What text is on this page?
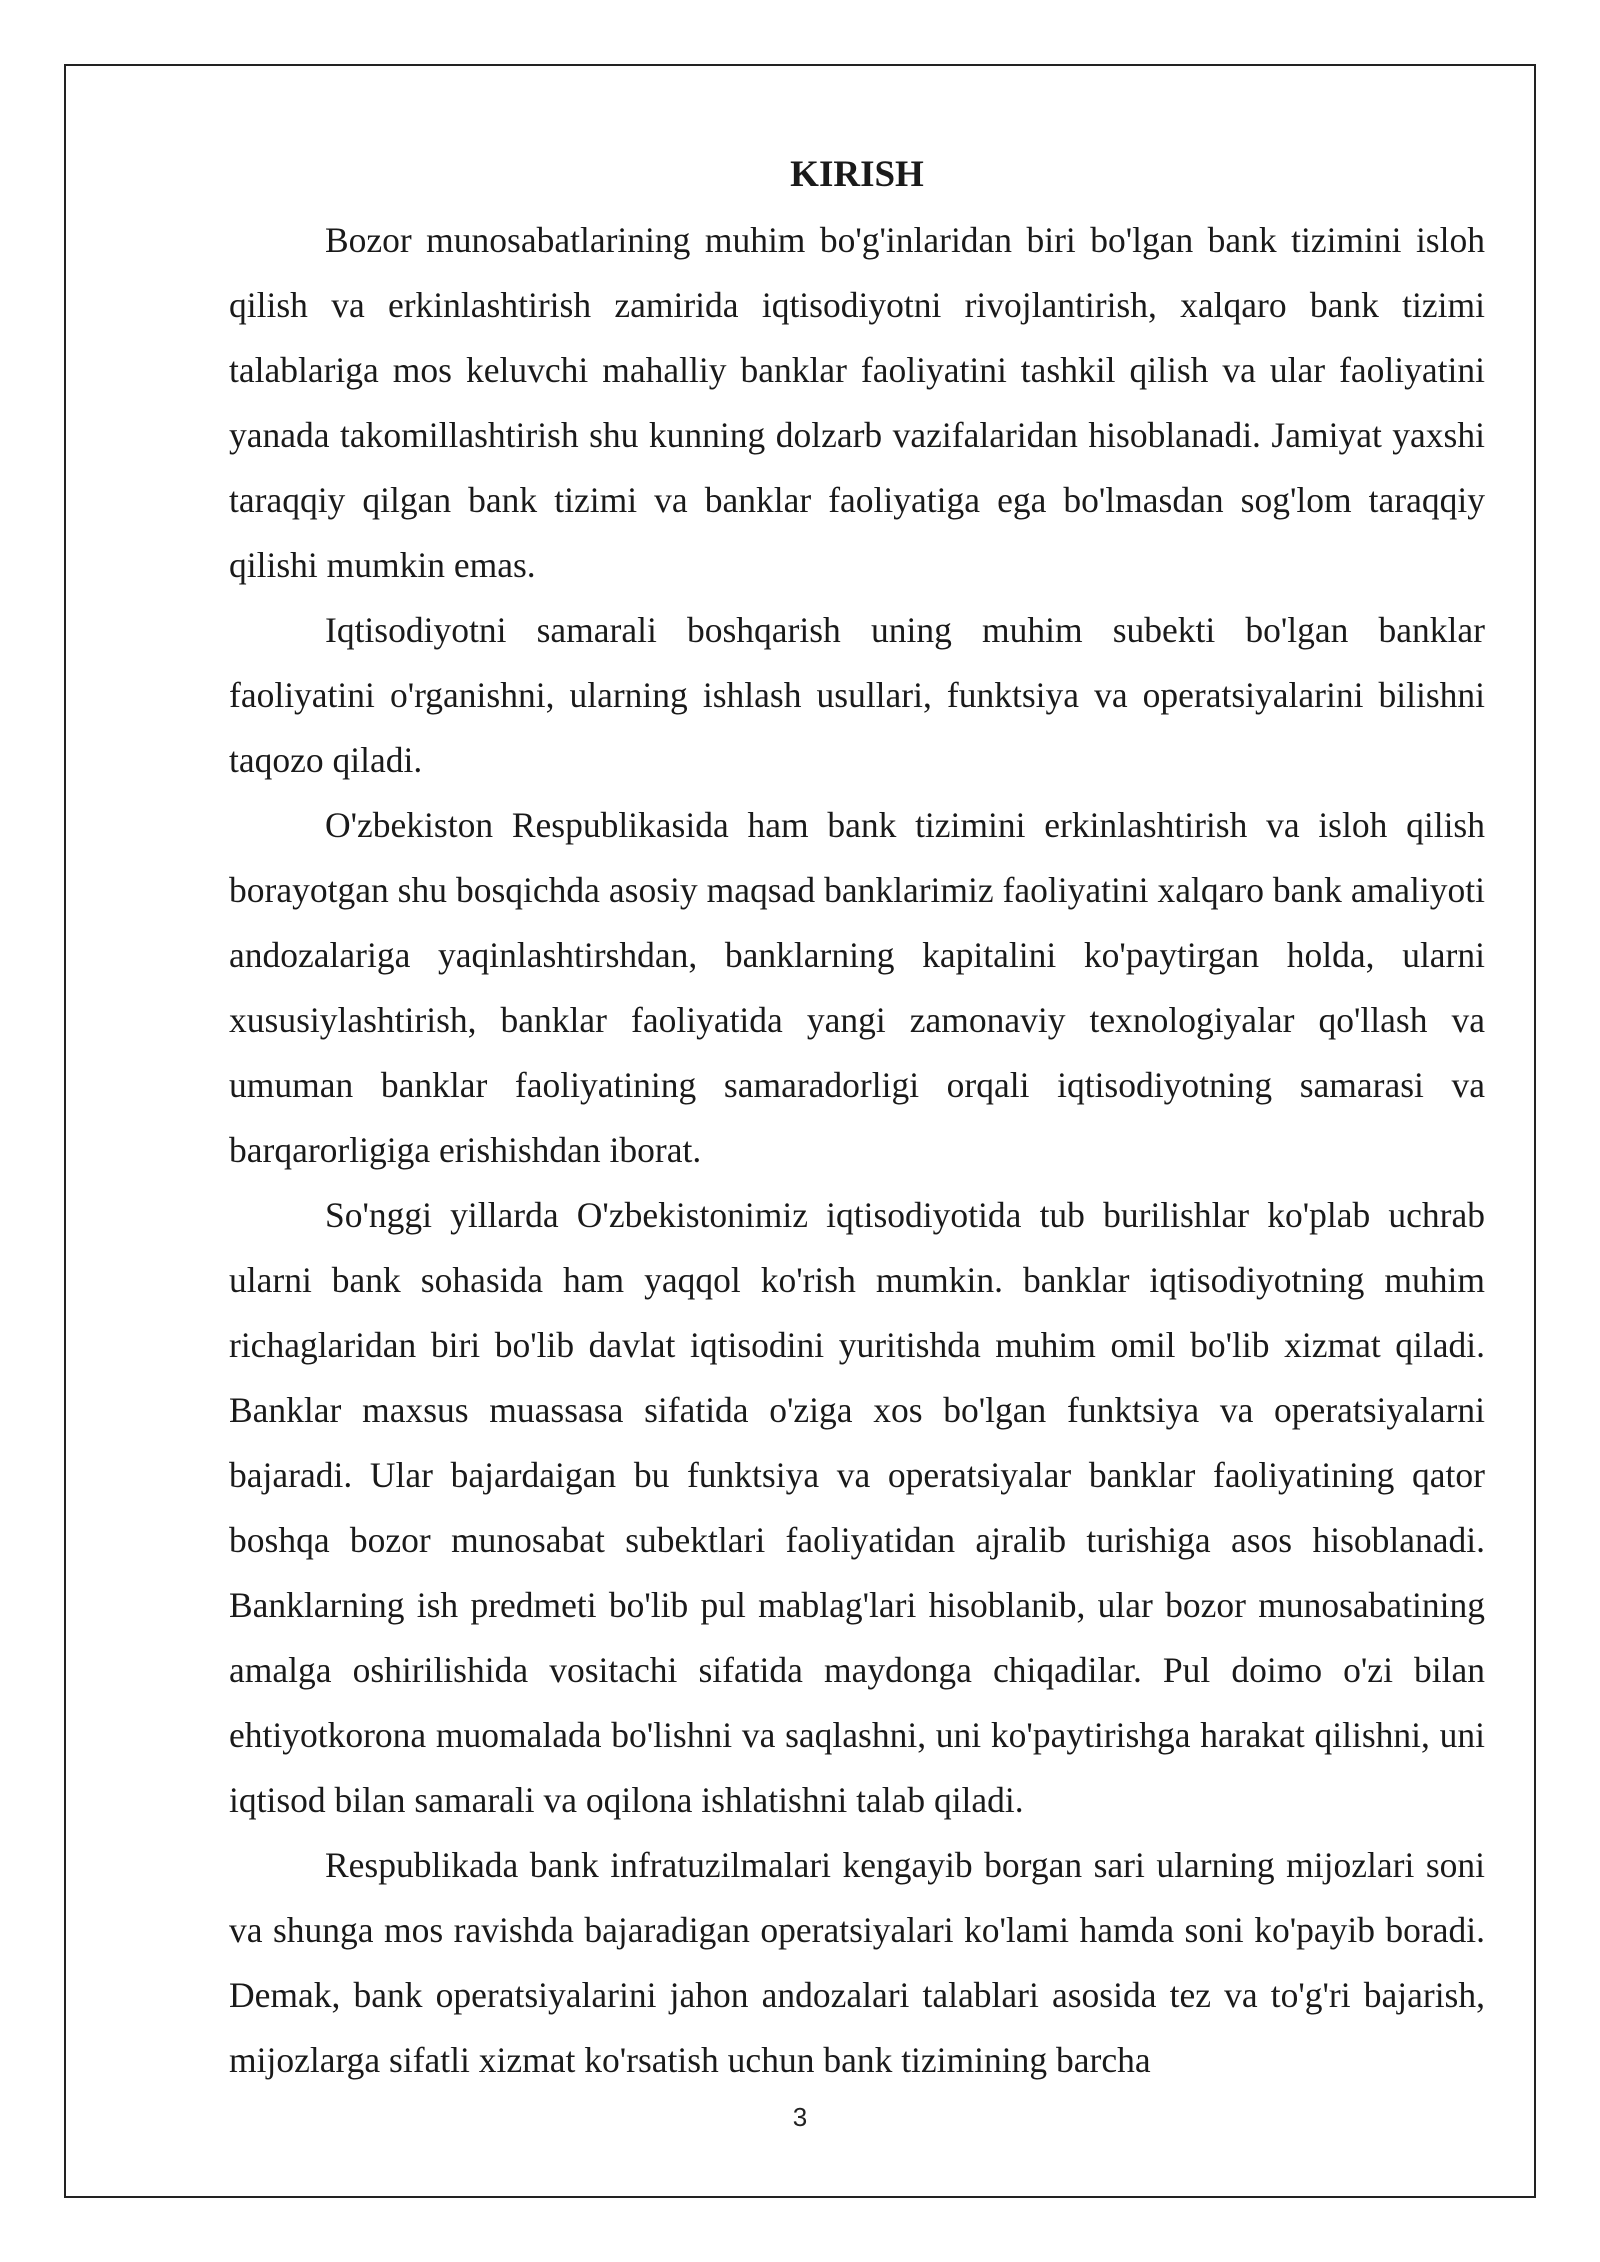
KIRISH

Bozor munosabatlarining muhim bo'g'inlaridan biri bo'lgan bank tizimini isloh qilish va erkinlashtirish zamirida iqtisodiyotni rivojlantirish, xalqaro bank tizimi talablariga mos keluvchi mahalliy banklar faoliyatini tashkil qilish va ular faoliyatini yanada takomillashtirish shu kunning dolzarb vazifalaridan hisoblanadi. Jamiyat yaxshi taraqqiy qilgan bank tizimi va banklar faoliyatiga ega bo'lmasdan sog'lom taraqqiy qilishi mumkin emas.

Iqtisodiyotni samarali boshqarish uning muhim subekti bo'lgan banklar faoliyatini o'rganishni, ularning ishlash usullari, funktsiya va operatsiyalarini bilishni taqozo qiladi.

O'zbekiston Respublikasida ham bank tizimini erkinlashtirish va isloh qilish borayotgan shu bosqichda asosiy maqsad banklarimiz faoliyatini xalqaro bank amaliyoti andozalariga yaqinlashtirshdan, banklarning kapitalini ko'paytirgan holda, ularni xususiylashtirish, banklar faoliyatida yangi zamonaviy texnologiyalar qo'llash va umuman banklar faoliyatining samaradorligi orqali iqtisodiyotning samarasi va barqarorligiga erishishdan iborat.

So'nggi yillarda O'zbekistonimiz iqtisodiyotida tub burilishlar ko'plab uchrab ularni bank sohasida ham yaqqol ko'rish mumkin. banklar iqtisodiyotning muhim richaglaridan biri bo'lib davlat iqtisodini yuritishda muhim omil bo'lib xizmat qiladi. Banklar maxsus muassasa sifatida o'ziga xos bo'lgan funktsiya va operatsiyalarni bajaradi. Ular bajardaigan bu funktsiya va operatsiyalar banklar faoliyatining qator boshqa bozor munosabat subektlari faoliyatidan ajralib turishiga asos hisoblanadi. Banklarning ish predmeti bo'lib pul mablag'lari hisoblanib, ular bozor munosabatining amalga oshirilishida vositachi sifatida maydonga chiqadilar. Pul doimo o'zi bilan ehtiyotkorona muomalada bo'lishni va saqlashni, uni ko'paytirishga harakat qilishni, uni iqtisod bilan samarali va oqilona ishlatishni talab qiladi.

Respublikada bank infratuzilmalari kengayib borgan sari ularning mijozlari soni va shunga mos ravishda bajaradigan operatsiyalari ko'lami hamda soni ko'payib boradi. Demak, bank operatsiyalarini jahon andozalari talablari asosida tez va to'g'ri bajarish, mijozlarga sifatli xizmat ko'rsatish uchun bank tizimining barcha

3
